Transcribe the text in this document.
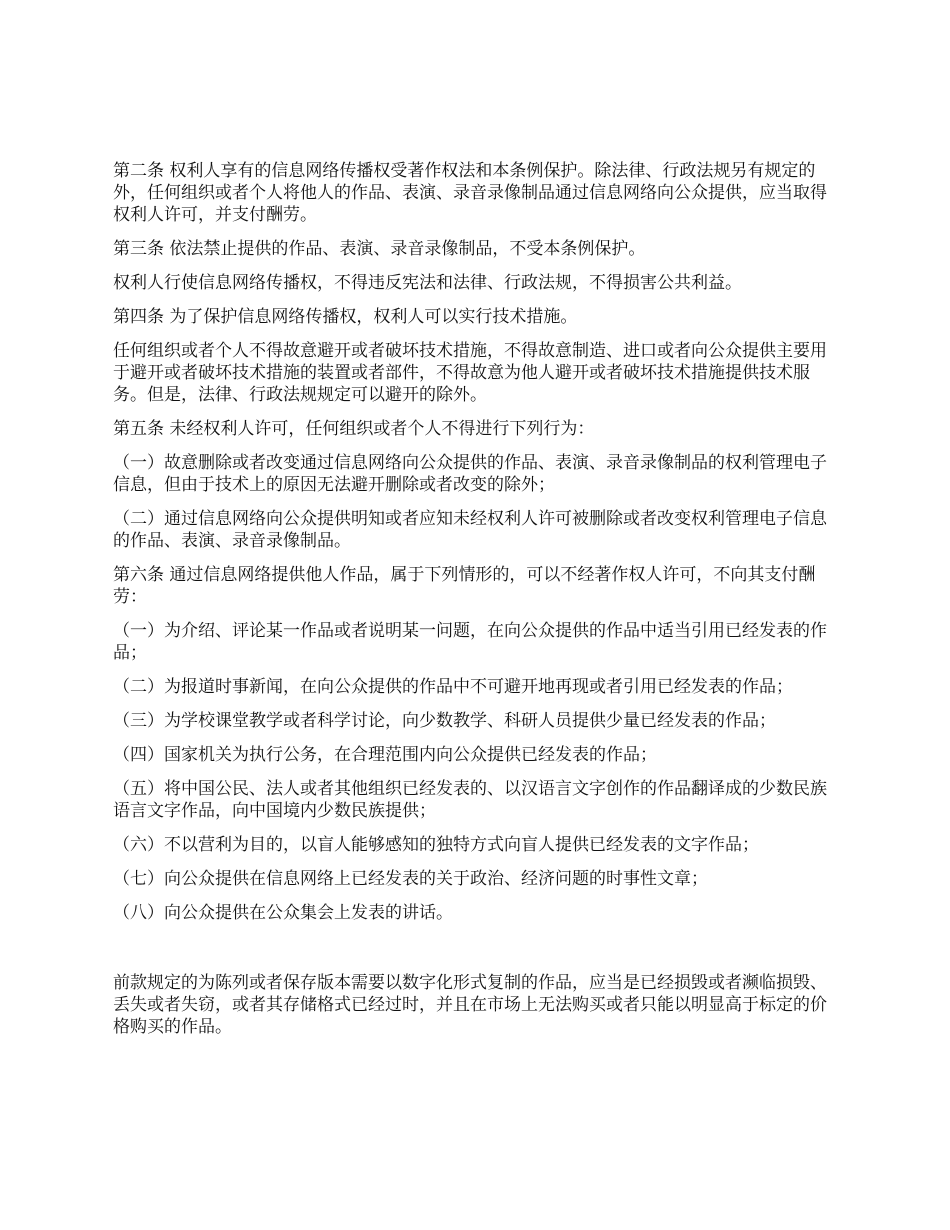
第二条 权利人享有的信息网络传播权受著作权法和本条例保护。除法律、行政法规另有规定的外，任何组织或者个人将他人的作品、表演、录音录像制品通过信息网络向公众提供，应当取得权利人许可，并支付酬劳。

第三条 依法禁止提供的作品、表演、录音录像制品，不受本条例保护。

权利人行使信息网络传播权，不得违反宪法和法律、行政法规，不得损害公共利益。

第四条 为了保护信息网络传播权，权利人可以实行技术措施。

任何组织或者个人不得故意避开或者破坏技术措施，不得故意制造、进口或者向公众提供主要用于避开或者破坏技术措施的装置或者部件，不得故意为他人避开或者破坏技术措施提供技术服务。但是，法律、行政法规规定可以避开的除外。

第五条 未经权利人许可，任何组织或者个人不得进行下列行为：

（一）故意删除或者改变通过信息网络向公众提供的作品、表演、录音录像制品的权利管理电子信息，但由于技术上的原因无法避开删除或者改变的除外；

（二）通过信息网络向公众提供明知或者应知未经权利人许可被删除或者改变权利管理电子信息的作品、表演、录音录像制品。

第六条 通过信息网络提供他人作品，属于下列情形的，可以不经著作权人许可，不向其支付酬劳：

（一）为介绍、评论某一作品或者说明某一问题，在向公众提供的作品中适当引用已经发表的作品；

（二）为报道时事新闻，在向公众提供的作品中不可避开地再现或者引用已经发表的作品；

（三）为学校课堂教学或者科学讨论，向少数教学、科研人员提供少量已经发表的作品；

（四）国家机关为执行公务，在合理范围内向公众提供已经发表的作品；

（五）将中国公民、法人或者其他组织已经发表的、以汉语言文字创作的作品翻译成的少数民族语言文字作品，向中国境内少数民族提供；

（六）不以营利为目的，以盲人能够感知的独特方式向盲人提供已经发表的文字作品；

（七）向公众提供在信息网络上已经发表的关于政治、经济问题的时事性文章；

（八）向公众提供在公众集会上发表的讲话。

前款规定的为陈列或者保存版本需要以数字化形式复制的作品，应当是已经损毁或者濒临损毁、丢失或者失窃，或者其存储格式已经过时，并且在市场上无法购买或者只能以明显高于标定的价格购买的作品。
